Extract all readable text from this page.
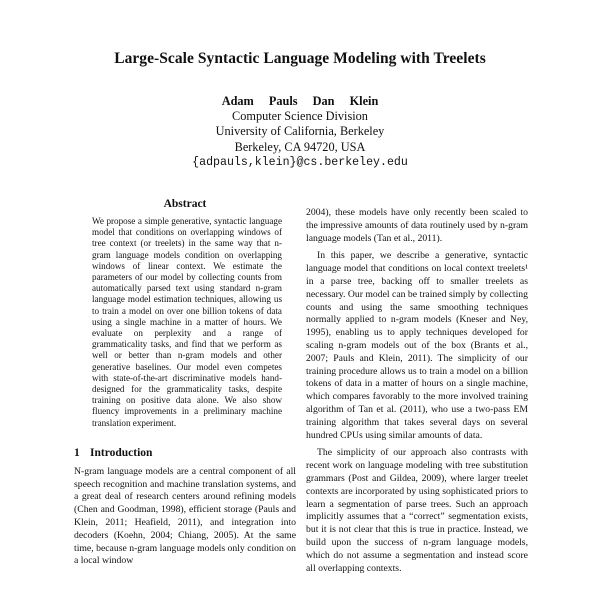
Large-Scale Syntactic Language Modeling with Treelets
Adam Pauls Dan Klein
Computer Science Division
University of California, Berkeley
Berkeley, CA 94720, USA
{adpauls,klein}@cs.berkeley.edu
Abstract

We propose a simple generative, syntactic language model that conditions on overlapping windows of tree context (or treelets) in the same way that n-gram language models condition on overlapping windows of linear context. We estimate the parameters of our model by collecting counts from automatically parsed text using standard n-gram language model estimation techniques, allowing us to train a model on over one billion tokens of data using a single machine in a matter of hours. We evaluate on perplexity and a range of grammaticality tasks, and find that we perform as well or better than n-gram models and other generative baselines. Our model even competes with state-of-the-art discriminative models hand-designed for the grammaticality tasks, despite training on positive data alone. We also show fluency improvements in a preliminary machine translation experiment.

1 Introduction

N-gram language models are a central component of all speech recognition and machine translation systems, and a great deal of research centers around refining models (Chen and Goodman, 1998), efficient storage (Pauls and Klein, 2011; Heafield, 2011), and integration into decoders (Koehn, 2004; Chiang, 2005). At the same time, because n-gram language models only condition on a local window

2004), these models have only recently been scaled to the impressive amounts of data routinely used by n-gram language models (Tan et al., 2011).

In this paper, we describe a generative, syntactic language model that conditions on local context treelets¹ in a parse tree, backing off to smaller treelets as necessary. Our model can be trained simply by collecting counts and using the same smoothing techniques normally applied to n-gram models (Kneser and Ney, 1995), enabling us to apply techniques developed for scaling n-gram models out of the box (Brants et al., 2007; Pauls and Klein, 2011). The simplicity of our training procedure allows us to train a model on a billion tokens of data in a matter of hours on a single machine, which compares favorably to the more involved training algorithm of Tan et al. (2011), who use a two-pass EM training algorithm that takes several days on several hundred CPUs using similar amounts of data.

The simplicity of our approach also contrasts with recent work on language modeling with tree substitution grammars (Post and Gildea, 2009), where larger treelet contexts are incorporated by using sophisticated priors to learn a segmentation of parse trees. Such an approach implicitly assumes that a “correct” segmentation exists, but it is not clear that this is true in practice. Instead, we build upon the success of n-gram language models, which do not assume a segmentation and instead score all overlapping contexts.
